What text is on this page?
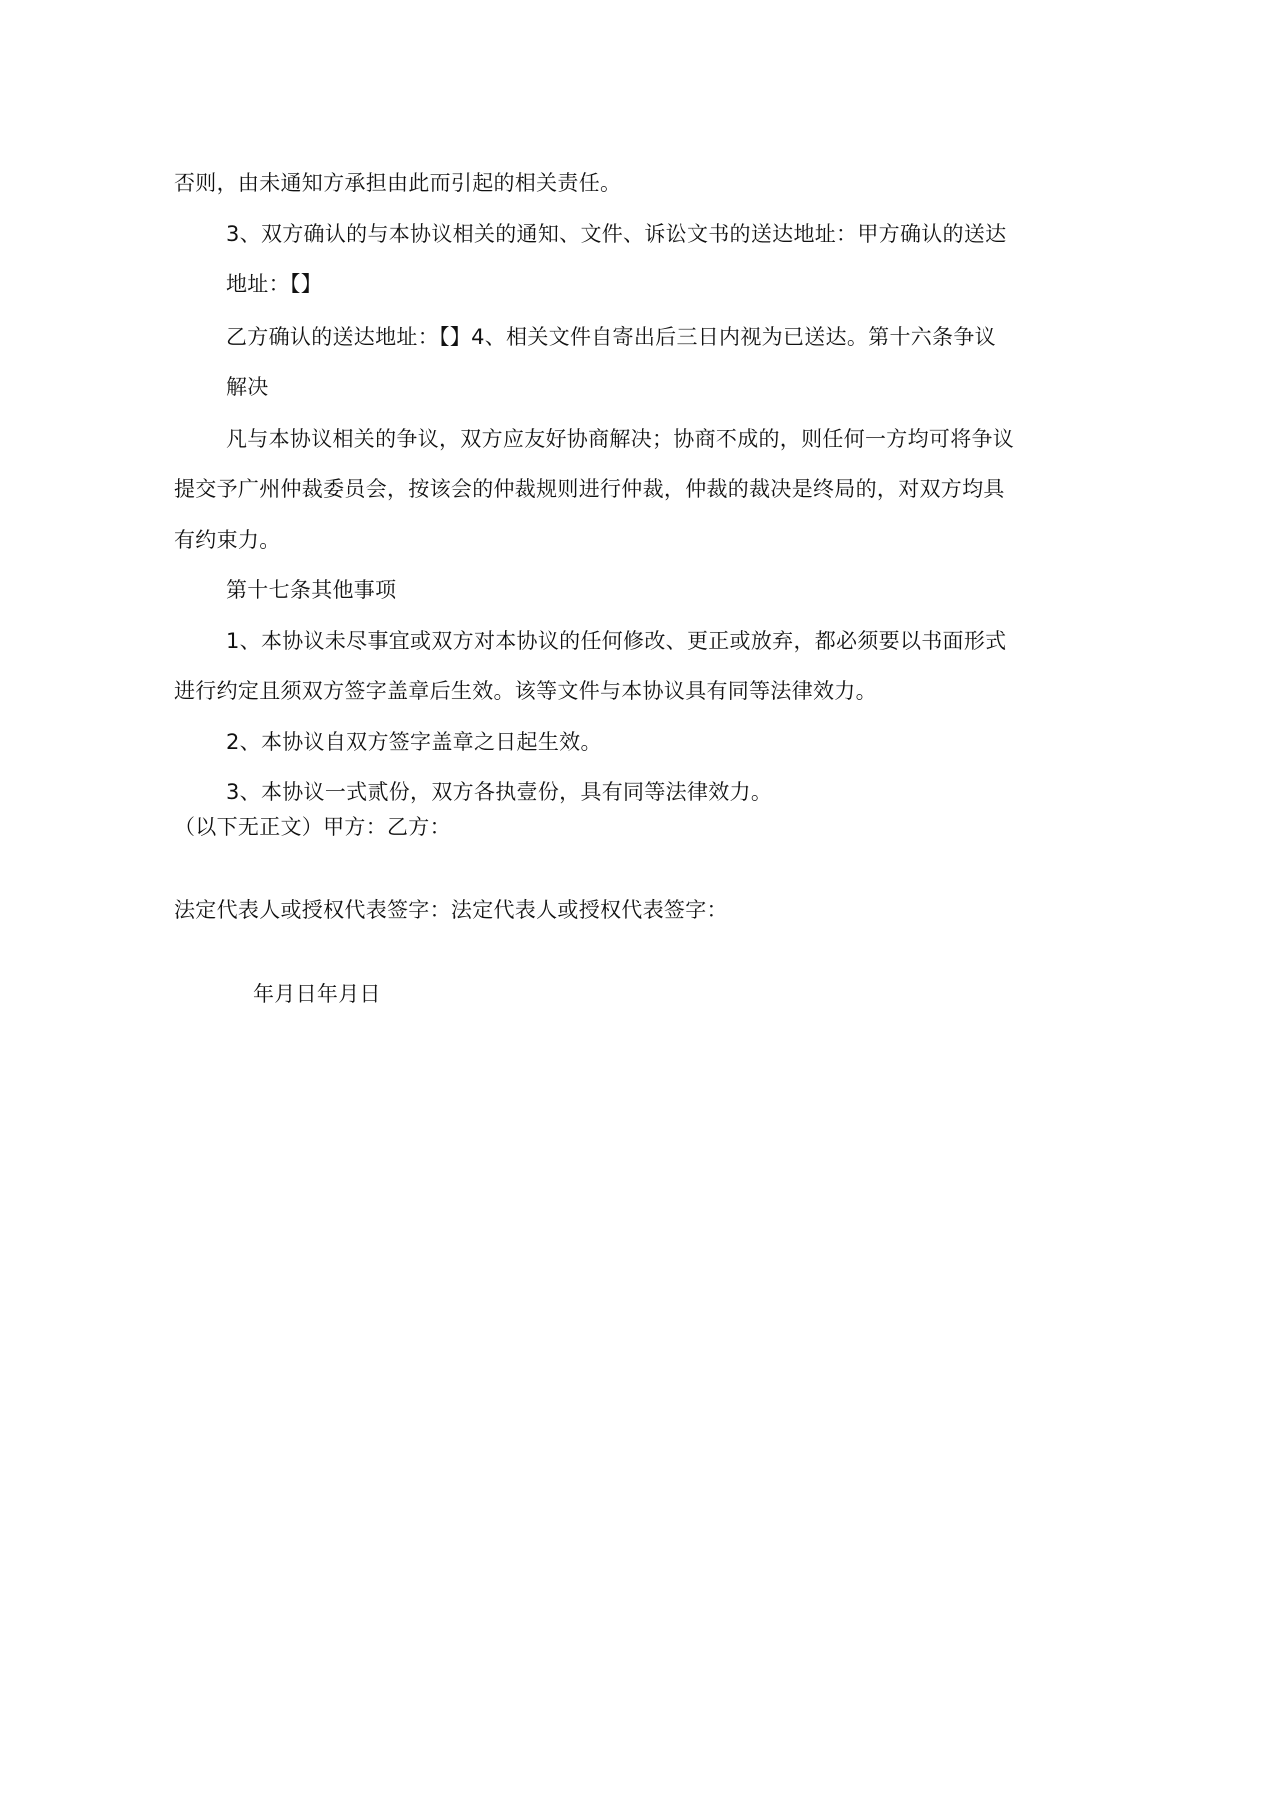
否则，由未通知方承担由此而引起的相关责任。

3、双方确认的与本协议相关的通知、文件、诉讼文书的送达地址：甲方确认的送达

地址：【】

乙方确认的送达地址：【】4、相关文件自寄出后三日内视为已送达。第十六条争议

解决

凡与本协议相关的争议，双方应友好协商解决；协商不成的，则任何一方均可将争议

提交予广州仲裁委员会，按该会的仲裁规则进行仲裁，仲裁的裁决是终局的，对双方均具

有约束力。

第十七条其他事项

1、本协议未尽事宜或双方对本协议的任何修改、更正或放弃，都必须要以书面形式

进行约定且须双方签字盖章后生效。该等文件与本协议具有同等法律效力。

2、本协议自双方签字盖章之日起生效。

3、本协议一式贰份，双方各执壹份，具有同等法律效力。

（以下无正文）甲方：乙方：

法定代表人或授权代表签字：法定代表人或授权代表签字：

年月日年月日
